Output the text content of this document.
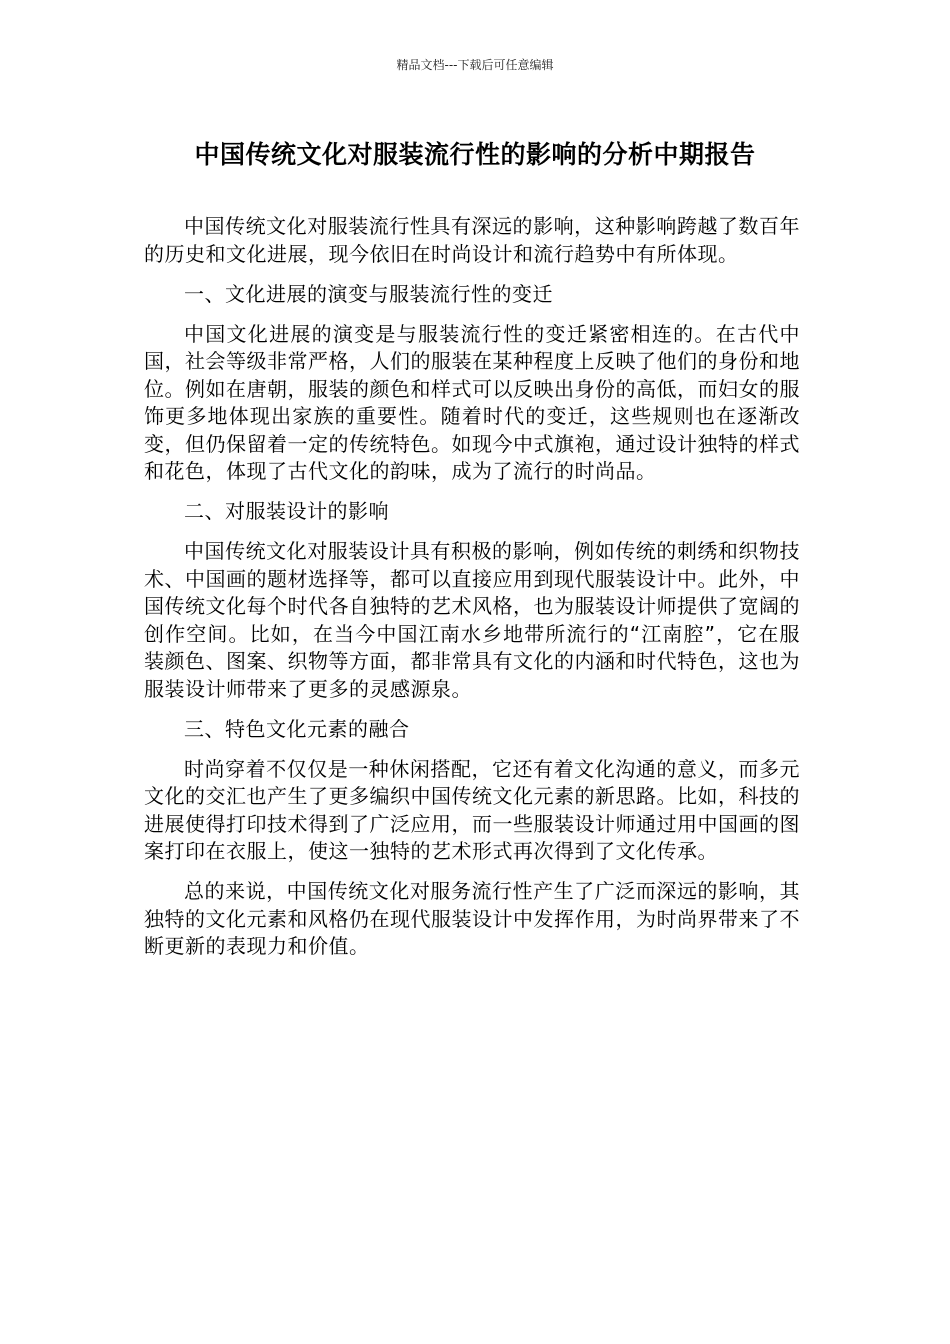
精品文档---下载后可任意编辑
中国传统文化对服装流行性的影响的分析中期报告

中国传统文化对服装流行性具有深远的影响，这种影响跨越了数百年的历史和文化进展，现今依旧在时尚设计和流行趋势中有所体现。

一、文化进展的演变与服装流行性的变迁

中国文化进展的演变是与服装流行性的变迁紧密相连的。在古代中国，社会等级非常严格，人们的服装在某种程度上反映了他们的身份和地位。例如在唐朝，服装的颜色和样式可以反映出身份的高低，而妇女的服饰更多地体现出家族的重要性。随着时代的变迁，这些规则也在逐渐改变，但仍保留着一定的传统特色。如现今中式旗袍，通过设计独特的样式和花色，体现了古代文化的韵味，成为了流行的时尚品。

二、对服装设计的影响

中国传统文化对服装设计具有积极的影响，例如传统的刺绣和织物技术、中国画的题材选择等，都可以直接应用到现代服装设计中。此外，中国传统文化每个时代各自独特的艺术风格，也为服装设计师提供了宽阔的创作空间。比如，在当今中国江南水乡地带所流行的“江南腔”，它在服装颜色、图案、织物等方面，都非常具有文化的内涵和时代特色，这也为服装设计师带来了更多的灵感源泉。

三、特色文化元素的融合

时尚穿着不仅仅是一种休闲搭配，它还有着文化沟通的意义，而多元文化的交汇也产生了更多编织中国传统文化元素的新思路。比如，科技的进展使得打印技术得到了广泛应用，而一些服装设计师通过用中国画的图案打印在衣服上，使这一独特的艺术形式再次得到了文化传承。

总的来说，中国传统文化对服务流行性产生了广泛而深远的影响，其独特的文化元素和风格仍在现代服装设计中发挥作用，为时尚界带来了不断更新的表现力和价值。
